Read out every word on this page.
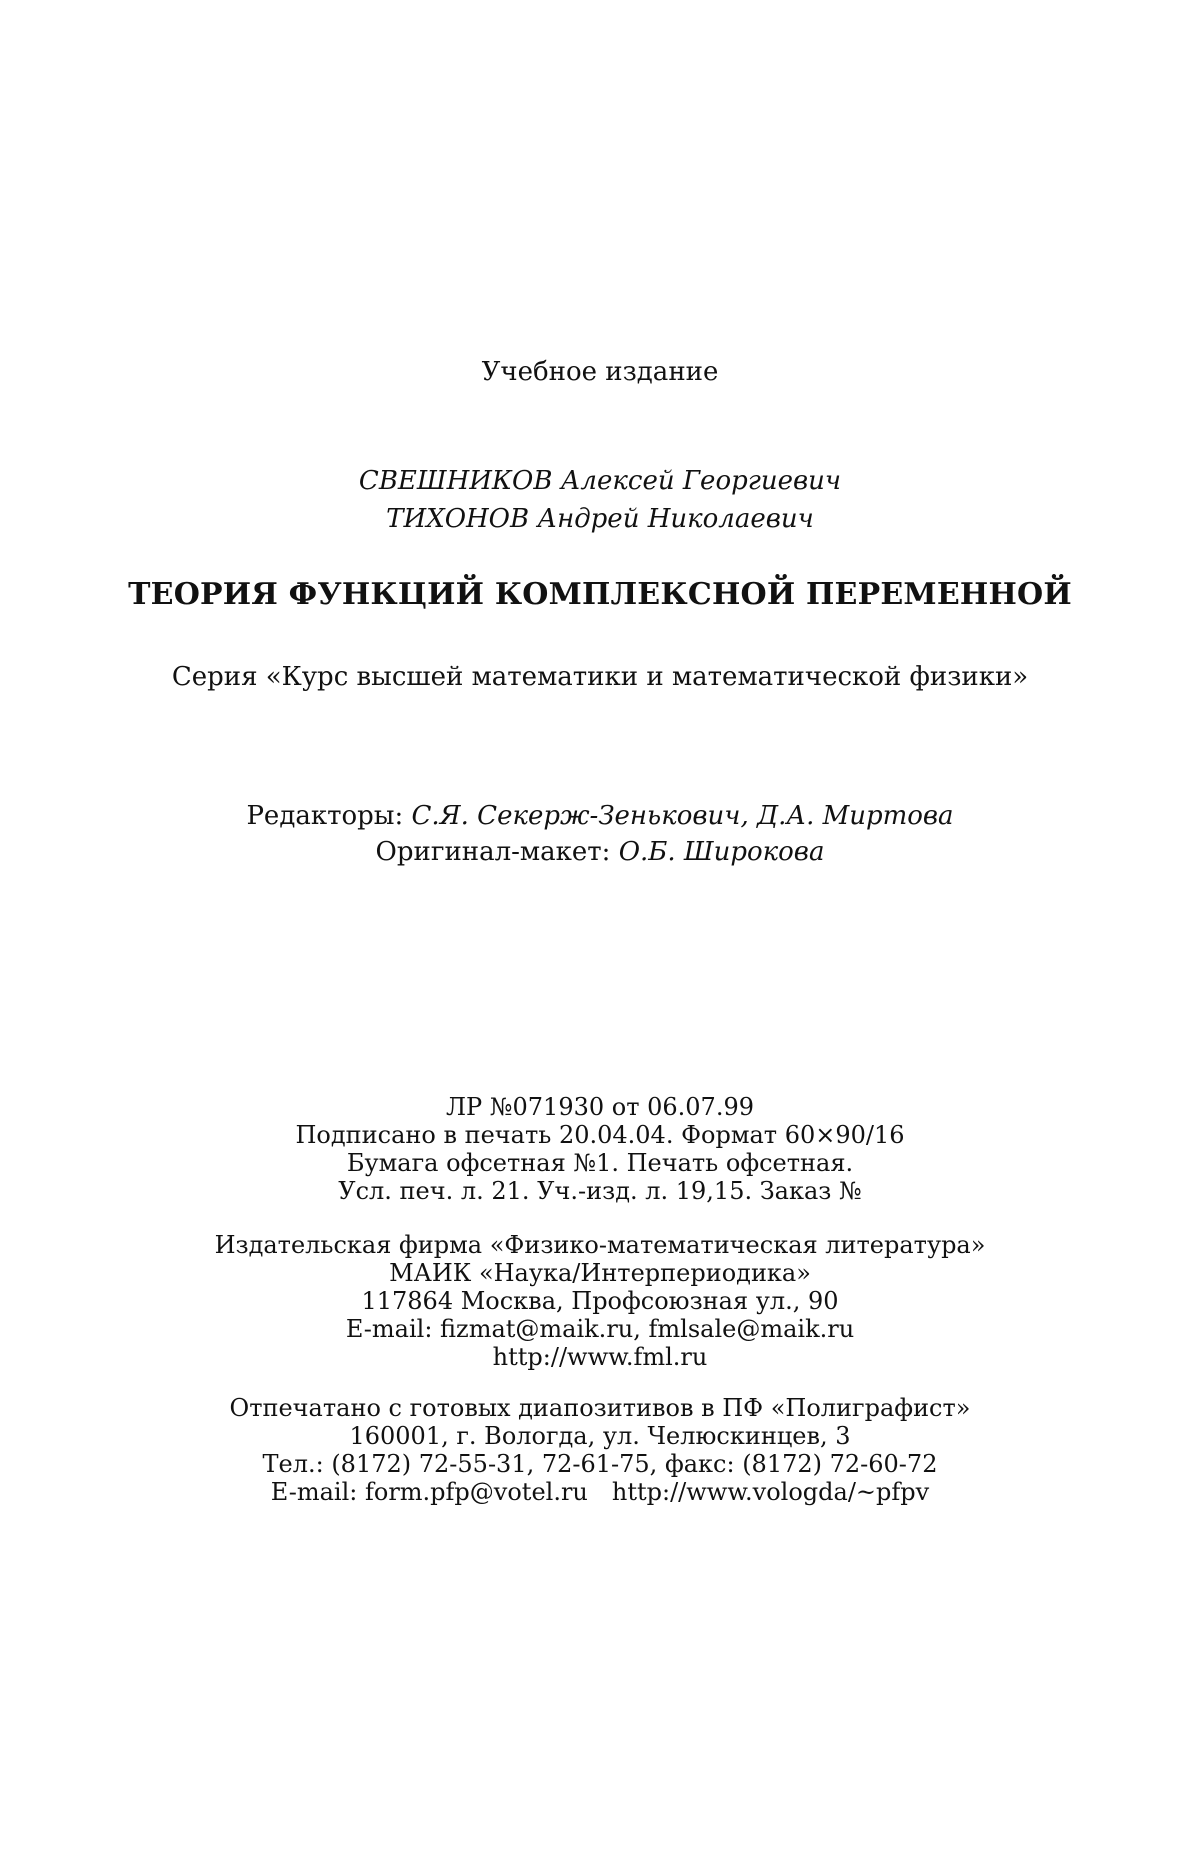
Учебное издание
СВЕШНИКОВ Алексей Георгиевич
ТИХОНОВ Андрей Николаевич
ТЕОРИЯ ФУНКЦИЙ КОМПЛЕКСНОЙ ПЕРЕМЕННОЙ
Серия «Курс высшей математики и математической физики»
Редакторы: С.Я. Секерж-Зенькович, Д.А. Миртова
Оригинал-макет: О.Б. Широкова
ЛР №071930 от 06.07.99
Подписано в печать 20.04.04. Формат 60×90/16
Бумага офсетная №1. Печать офсетная.
Усл. печ. л. 21. Уч.-изд. л. 19,15. Заказ №
Издательская фирма «Физико-математическая литература»
МАИК «Наука/Интерпериодика»
117864 Москва, Профсоюзная ул., 90
E-mail: fizmat@maik.ru, fmlsale@maik.ru
http://www.fml.ru
Отпечатано с готовых диапозитивов в ПФ «Полиграфист»
160001, г. Вологда, ул. Челюскинцев, 3
Тел.: (8172) 72-55-31, 72-61-75, факс: (8172) 72-60-72
E-mail: form.pfp@votel.ru http://www.vologda/~pfpv
